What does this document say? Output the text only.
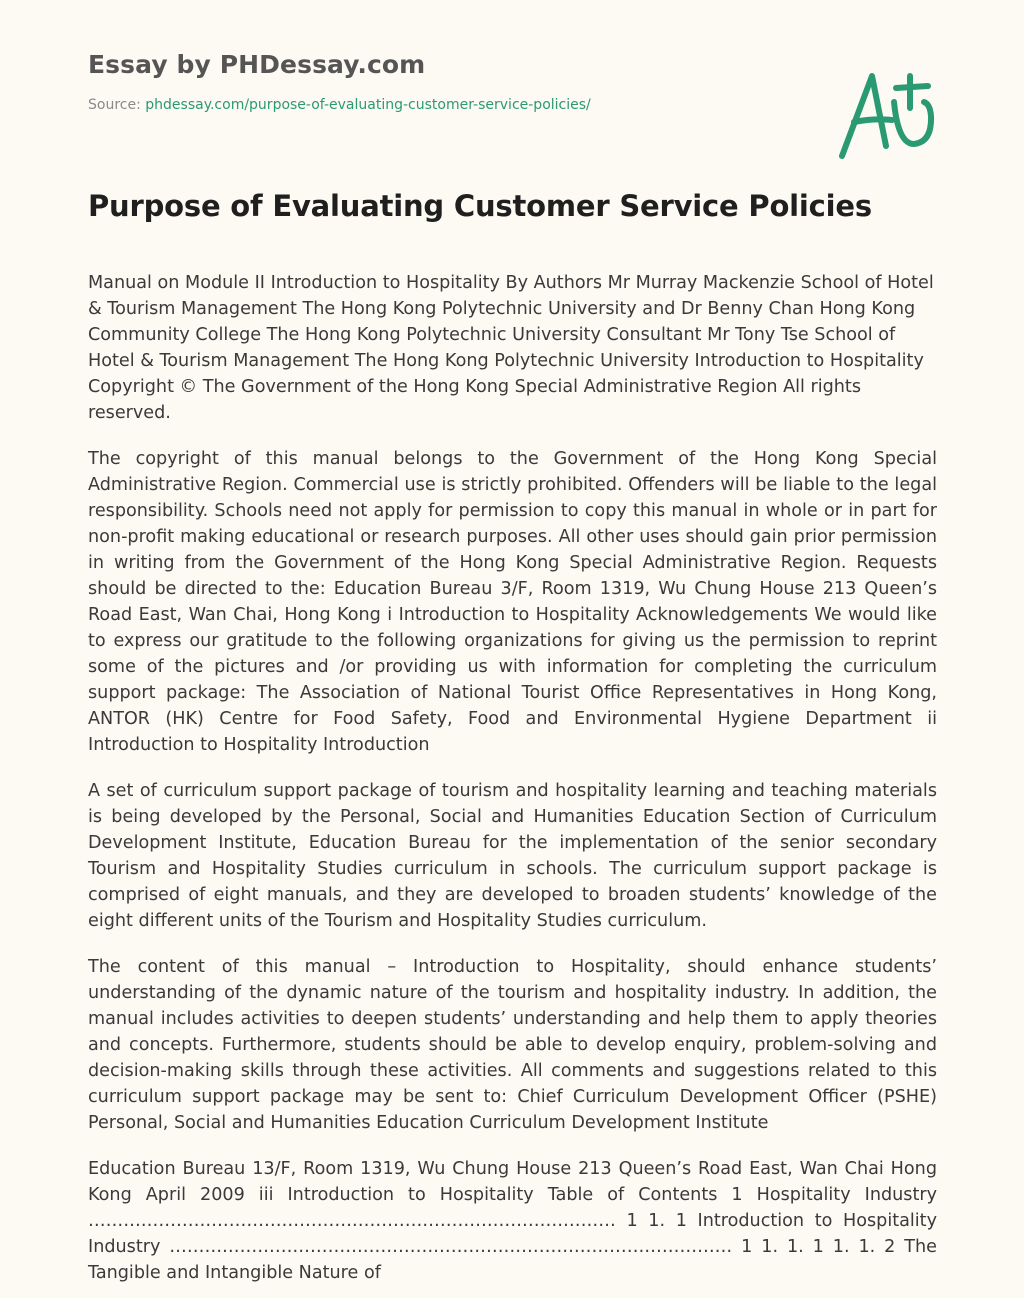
Essay by PHDessay.com
Source: phdessay.com/purpose-of-evaluating-customer-service-policies/
Purpose of Evaluating Customer Service Policies

Manual on Module II Introduction to Hospitality By Authors Mr Murray Mackenzie School of Hotel & Tourism Management The Hong Kong Polytechnic University and Dr Benny Chan Hong Kong Community College The Hong Kong Polytechnic University Consultant Mr Tony Tse School of Hotel & Tourism Management The Hong Kong Polytechnic University Introduction to Hospitality Copyright © The Government of the Hong Kong Special Administrative Region All rights reserved.

The copyright of this manual belongs to the Government of the Hong Kong Special Administrative Region. Commercial use is strictly prohibited. Offenders will be liable to the legal responsibility. Schools need not apply for permission to copy this manual in whole or in part for non-profit making educational or research purposes. All other uses should gain prior permission in writing from the Government of the Hong Kong Special Administrative Region. Requests should be directed to the: Education Bureau 3/F, Room 1319, Wu Chung House 213 Queen’s Road East, Wan Chai, Hong Kong i Introduction to Hospitality Acknowledgements We would like to express our gratitude to the following organizations for giving us the permission to reprint some of the pictures and /or providing us with information for completing the curriculum support package: The Association of National Tourist Office Representatives in Hong Kong, ANTOR (HK) Centre for Food Safety, Food and Environmental Hygiene Department ii Introduction to Hospitality Introduction

A set of curriculum support package of tourism and hospitality learning and teaching materials is being developed by the Personal, Social and Humanities Education Section of Curriculum Development Institute, Education Bureau for the implementation of the senior secondary Tourism and Hospitality Studies curriculum in schools. The curriculum support package is comprised of eight manuals, and they are developed to broaden students’ knowledge of the eight different units of the Tourism and Hospitality Studies curriculum.

The content of this manual – Introduction to Hospitality, should enhance students’ understanding of the dynamic nature of the tourism and hospitality industry. In addition, the manual includes activities to deepen students’ understanding and help them to apply theories and concepts. Furthermore, students should be able to develop enquiry, problem-solving and decision-making skills through these activities. All comments and suggestions related to this curriculum support package may be sent to: Chief Curriculum Development Officer (PSHE) Personal, Social and Humanities Education Curriculum Development Institute

Education Bureau 13/F, Room 1319, Wu Chung House 213 Queen’s Road East, Wan Chai Hong Kong April 2009 iii Introduction to Hospitality Table of Contents 1 Hospitality Industry ……………………………………………………………………………… 1 1. 1 Introduction to Hospitality Industry …………………………………………………………………………………… 1 1. 1. 1 1. 1. 2 The Tangible and Intangible Nature of
